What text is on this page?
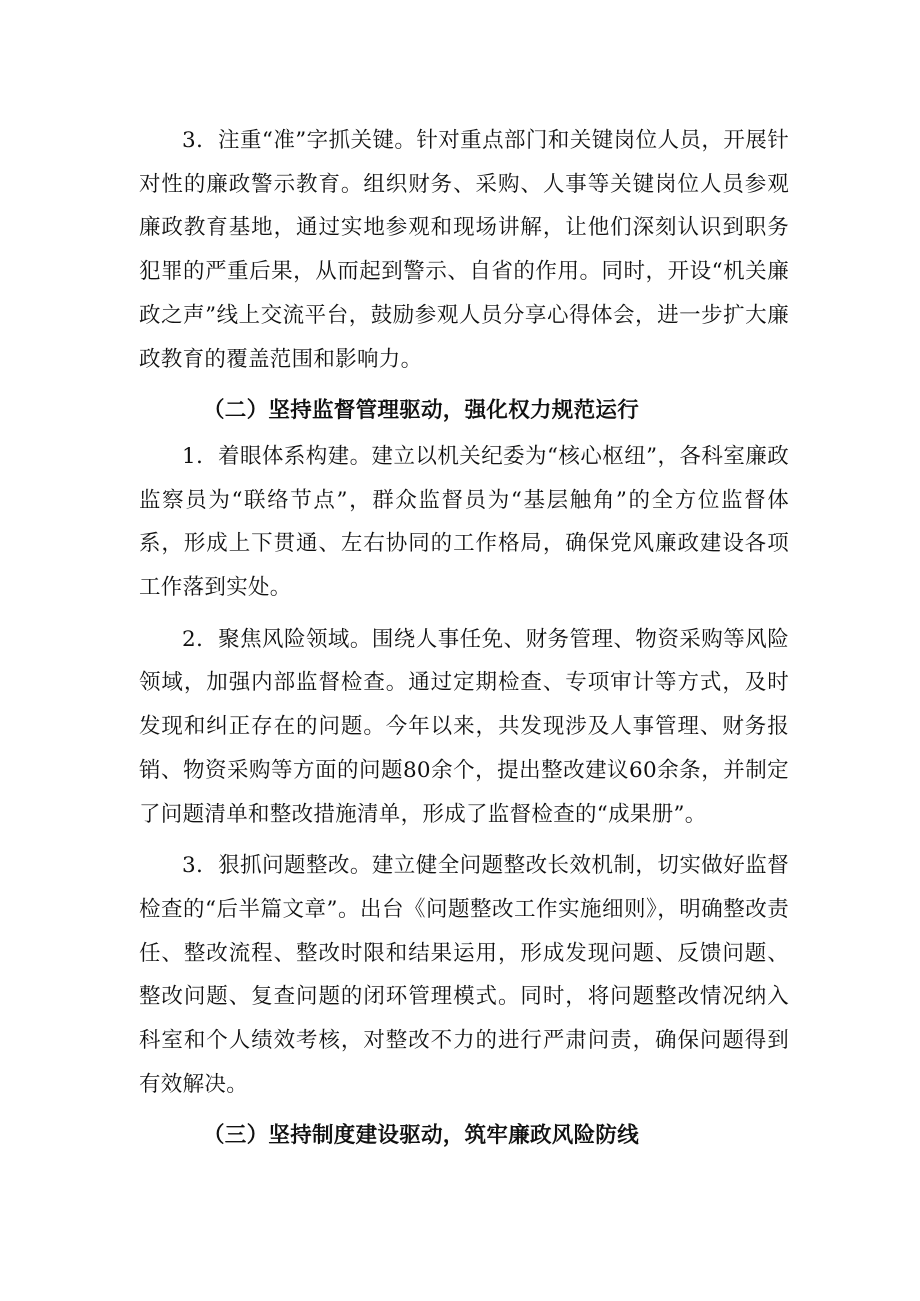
3．注重“准”字抓关键。针对重点部门和关键岗位人员，开展针对性的廉政警示教育。组织财务、采购、人事等关键岗位人员参观廉政教育基地，通过实地参观和现场讲解，让他们深刻认识到职务犯罪的严重后果，从而起到警示、自省的作用。同时，开设“机关廉政之声”线上交流平台，鼓励参观人员分享心得体会，进一步扩大廉政教育的覆盖范围和影响力。

（二）坚持监督管理驱动，强化权力规范运行

1．着眼体系构建。建立以机关纪委为“核心枢纽”，各科室廉政监察员为“联络节点”，群众监督员为“基层触角”的全方位监督体系，形成上下贯通、左右协同的工作格局，确保党风廉政建设各项工作落到实处。

2．聚焦风险领域。围绕人事任免、财务管理、物资采购等风险领域，加强内部监督检查。通过定期检查、专项审计等方式，及时发现和纠正存在的问题。今年以来，共发现涉及人事管理、财务报销、物资采购等方面的问题80余个，提出整改建议60余条，并制定了问题清单和整改措施清单，形成了监督检查的“成果册”。

3．狠抓问题整改。建立健全问题整改长效机制，切实做好监督检查的“后半篇文章”。出台《问题整改工作实施细则》，明确整改责任、整改流程、整改时限和结果运用，形成发现问题、反馈问题、整改问题、复查问题的闭环管理模式。同时，将问题整改情况纳入科室和个人绩效考核，对整改不力的进行严肃问责，确保问题得到有效解决。

（三）坚持制度建设驱动，筑牢廉政风险防线
